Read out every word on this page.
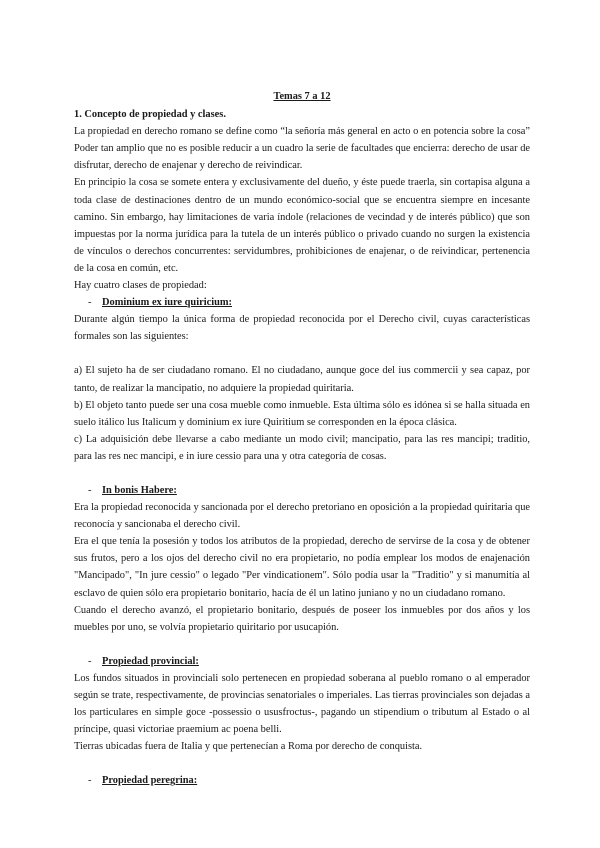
Temas 7 a 12
1. Concepto de propiedad y clases.

La propiedad en derecho romano se define como “la señoría más general en acto o en potencia sobre la cosa” Poder tan amplio que no es posible reducir a un cuadro la serie de facultades que encierra: derecho de usar de disfrutar, derecho de enajenar y derecho de reivindicar.

En principio la cosa se somete entera y exclusivamente del dueño, y éste puede traerla, sin cortapisa alguna a toda clase de destinaciones dentro de un mundo económico-social que se encuentra siempre en incesante camino. Sin embargo, hay limitaciones de varia índole (relaciones de vecindad y de interés público) que son impuestas por la norma jurídica para la tutela de un interés público o privado cuando no surgen la existencia de vínculos o derechos concurrentes: servidumbres, prohibiciones de enajenar, o de reivindicar, pertenencia de la cosa en común, etc.

Hay cuatro clases de propiedad:

- Dominium ex iure quiricium:

Durante algún tiempo la única forma de propiedad reconocida por el Derecho civil, cuyas características formales son las siguientes:

a) El sujeto ha de ser ciudadano romano. El no ciudadano, aunque goce del ius commercii y sea capaz, por tanto, de realizar la mancipatio, no adquiere la propiedad quiritaria.

b) El objeto tanto puede ser una cosa mueble como inmueble. Esta última sólo es idónea si se halla situada en suelo itálico lus Italicum y dominium ex iure Quiritium se corresponden en la época clásica.

c) La adquisición debe llevarse a cabo mediante un modo civil; mancipatio, para las res mancipi; traditio, para las res nec mancipi, e in iure cessio para una y otra categoría de cosas.

- In bonis Habere:

Era la propiedad reconocida y sancionada por el derecho pretoriano en oposición a la propiedad quiritaria que reconocía y sancionaba el derecho civil.

Era el que tenía la posesión y todos los atributos de la propiedad, derecho de servirse de la cosa y de obtener sus frutos, pero a los ojos del derecho civil no era propietario, no podía emplear los modos de enajenación "Mancipado", "In jure cessio" o legado "Per vindicationem". Sólo podía usar la "Traditio" y si manumitía al esclavo de quien sólo era propietario bonitario, hacía de él un latino juniano y no un ciudadano romano.

Cuando el derecho avanzó, el propietario bonitario, después de poseer los inmuebles por dos años y los muebles por uno, se volvía propietario quiritario por usucapión.

- Propiedad provincial:

Los fundos situados in provinciali solo pertenecen en propiedad soberana al pueblo romano o al emperador según se trate, respectivamente, de provincias senatoriales o imperiales. Las tierras provinciales son dejadas a los particulares en simple goce -possessio o ususfroctus-, pagando un stipendium o tributum al Estado o al príncipe, quasi victoriae praemium ac poena belli.

Tierras ubicadas fuera de Italia y que pertenecían a Roma por derecho de conquista.

- Propiedad peregrina:
